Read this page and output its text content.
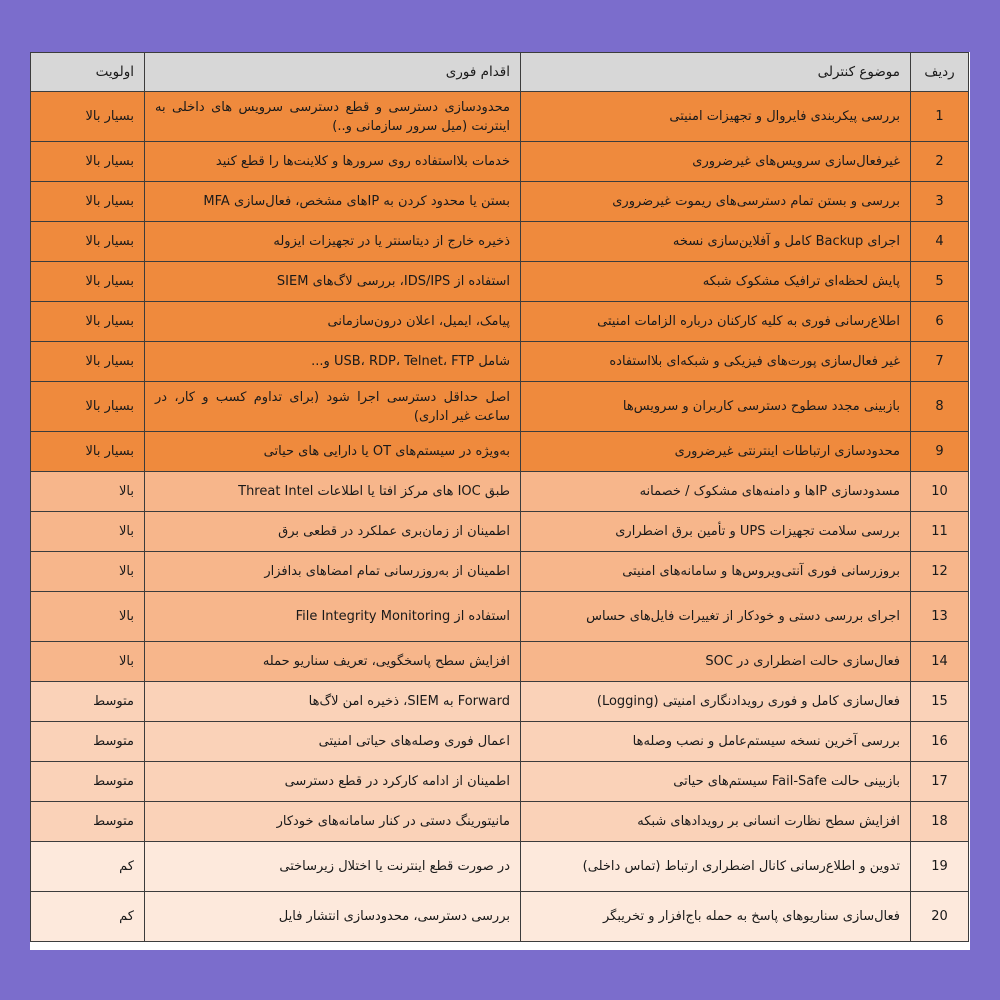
ردیف	موضوع کنترلی	اقدام فوری	اولویت
1	بررسی پیکربندی فایروال و تجهیزات امنیتی	محدودسازی دسترسی و قطع دسترسی سرویس های داخلی به اینترنت (میل سرور سازمانی و..)	بسیار بالا
2	غیرفعال‌سازی سرویس‌های غیرضروری	خدمات بلااستفاده روی سرورها و کلاینت‌ها را قطع کنید	بسیار بالا
3	بررسی و بستن تمام دسترسی‌های ریموت غیرضروری	بستن یا محدود کردن به IPهای مشخص، فعال‌سازی MFA	بسیار بالا
4	اجرای Backup کامل و آفلاین‌سازی نسخه	ذخیره خارج از دیتاسنتر یا در تجهیزات ایزوله	بسیار بالا
5	پایش لحظه‌ای ترافیک مشکوک شبکه	استفاده از IDS/IPS، بررسی لاگ‌های SIEM	بسیار بالا
6	اطلاع‌رسانی فوری به کلیه کارکنان درباره الزامات امنیتی	پیامک، ایمیل، اعلان درون‌سازمانی	بسیار بالا
7	غیر فعال‌سازی پورت‌های فیزیکی و شبکه‌ای بلااستفاده	شامل USB، RDP، Telnet، FTP و...	بسیار بالا
8	بازبینی مجدد سطوح دسترسی کاربران و سرویس‌ها	اصل حداقل دسترسی اجرا شود (برای تداوم کسب و کار، در ساعت غیر اداری)	بسیار بالا
9	محدودسازی ارتباطات اینترنتی غیرضروری	به‌ویژه در سیستم‌های OT یا دارایی های حیاتی	بسیار بالا
10	مسدودسازی IPها و دامنه‌های مشکوک / خصمانه	طبق IOC های مرکز افتا یا اطلاعات Threat Intel	بالا
11	بررسی سلامت تجهیزات UPS و تأمین برق اضطراری	اطمینان از زمان‌بری عملکرد در قطعی برق	بالا
12	بروزرسانی فوری آنتی‌ویروس‌ها و سامانه‌های امنیتی	اطمینان از به‌روزرسانی تمام امضاهای بدافزار	بالا
13	اجرای بررسی دستی و خودکار از تغییرات فایل‌های حساس	استفاده از File Integrity Monitoring	بالا
14	فعال‌سازی حالت اضطراری در SOC	افزایش سطح پاسخگویی، تعریف سناریو حمله	بالا
15	فعال‌سازی کامل و فوری رویدادنگاری امنیتی (Logging)	Forward به SIEM، ذخیره امن لاگ‌ها	متوسط
16	بررسی آخرین نسخه سیستم‌عامل و نصب وصله‌ها	اعمال فوری وصله‌های حیاتی امنیتی	متوسط
17	بازبینی حالت Fail-Safe سیستم‌های حیاتی	اطمینان از ادامه کارکرد در قطع دسترسی	متوسط
18	افزایش سطح نظارت انسانی بر رویدادهای شبکه	مانیتورینگ دستی در کنار سامانه‌های خودکار	متوسط
19	تدوین و اطلاع‌رسانی کانال اضطراری ارتباط (تماس داخلی)	در صورت قطع اینترنت یا اختلال زیرساختی	کم
20	فعال‌سازی سناریوهای پاسخ به حمله باج‌افزار و تخریبگر	بررسی دسترسی، محدودسازی انتشار فایل	کم
